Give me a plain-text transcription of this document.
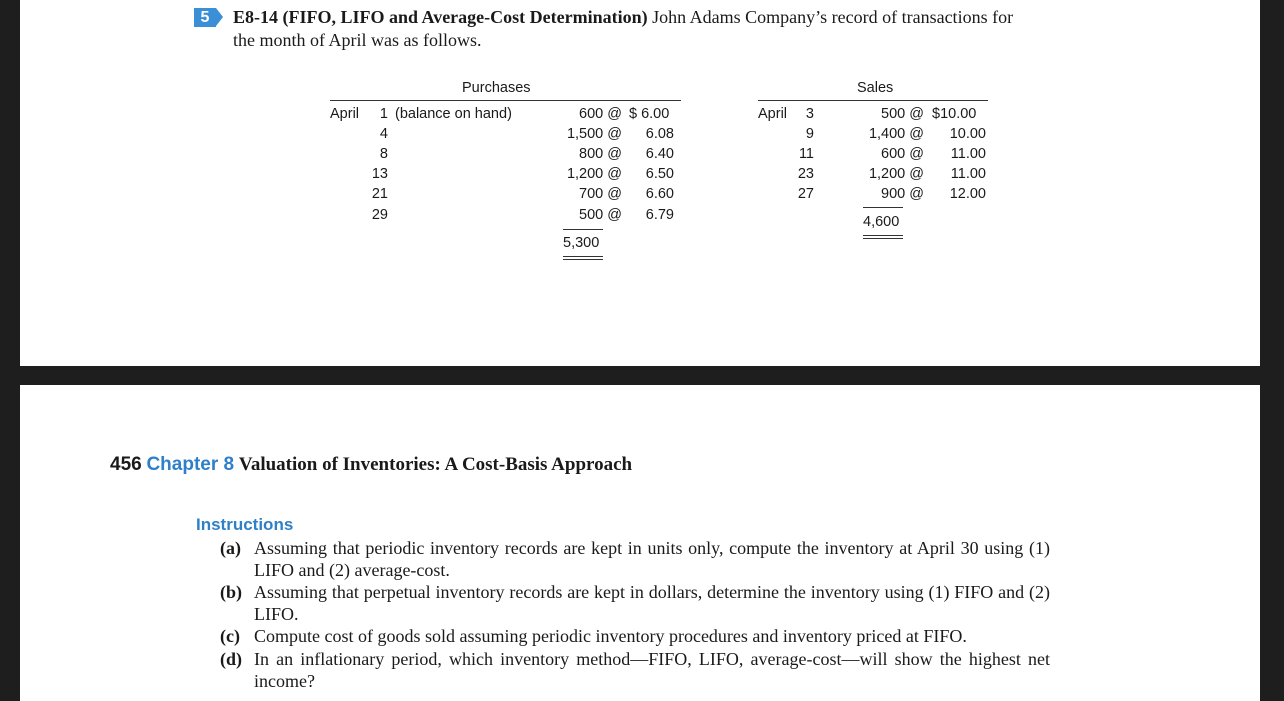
5	E8-14 (FIFO, LIFO and Average-Cost Determination) John Adams Company’s record of transactions for
the month of April was as follows.
Purchases
April	1 (balance on hand)	600 @ $ 6.00
4	1,500 @	6.08
8	800 @	6.40
13	1,200 @	6.50
21	700 @	6.60
29	500 @	6.79
5,300
Sales
April	3	500 @ $10.00
9	1,400 @	10.00
11	600 @	11.00
23	1,200 @	11.00
27	900 @	12.00
4,600
456 Chapter 8 Valuation of Inventories: A Cost-Basis Approach
Instructions
(a) Assuming that periodic inventory records are kept in units only, compute the inventory at April 30 using (1) LIFO and (2) average-cost.
(b) Assuming that perpetual inventory records are kept in dollars, determine the inventory using (1) FIFO and (2) LIFO.
(c) Compute cost of goods sold assuming periodic inventory procedures and inventory priced at FIFO.
(d) In an inflationary period, which inventory method—FIFO, LIFO, average-cost—will show the highest net income?
